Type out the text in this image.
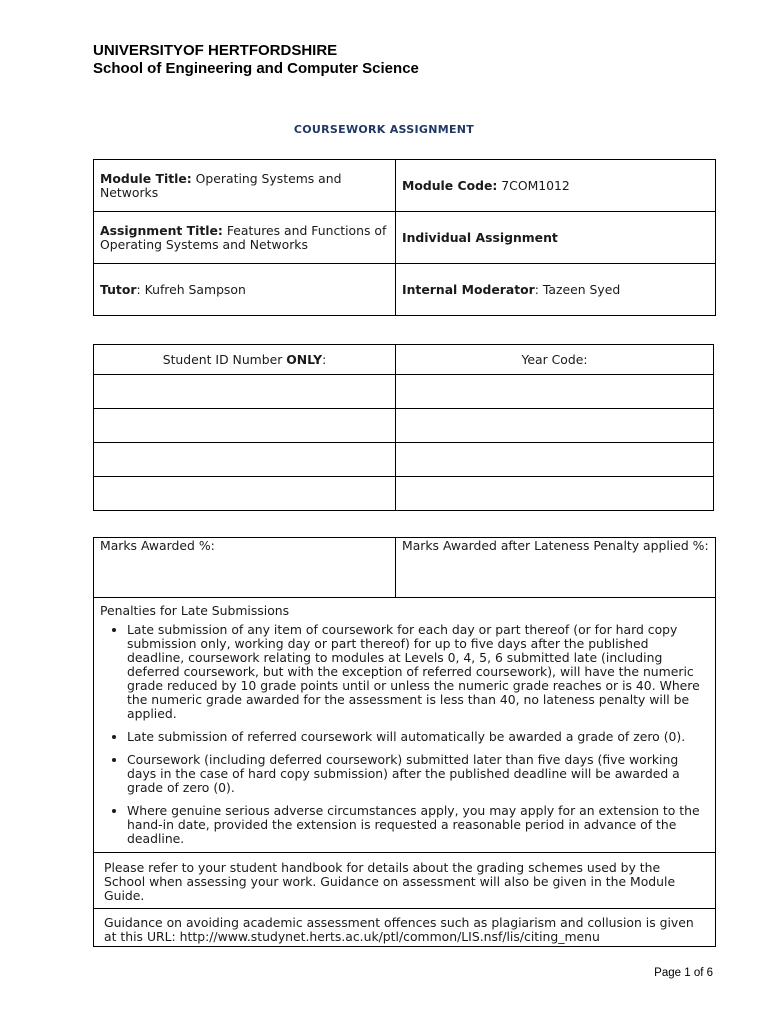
UNIVERSITYOF HERTFORDSHIRE
School of Engineering and Computer Science
COURSEWORK ASSIGNMENT
Module Title: Operating Systems and Networks	Module Code: 7COM1012
Assignment Title: Features and Functions of Operating Systems and Networks	Individual Assignment
Tutor: Kufreh Sampson	Internal Moderator: Tazeen Syed
Student ID Number ONLY:	Year Code:

Marks Awarded %:	Marks Awarded after Lateness Penalty applied %:

Penalties for Late Submissions
• Late submission of any item of coursework for each day or part thereof (or for hard copy submission only, working day or part thereof) for up to five days after the published deadline, coursework relating to modules at Levels 0, 4, 5, 6 submitted late (including deferred coursework, but with the exception of referred coursework), will have the numeric grade reduced by 10 grade points until or unless the numeric grade reaches or is 40. Where the numeric grade awarded for the assessment is less than 40, no lateness penalty will be applied.
• Late submission of referred coursework will automatically be awarded a grade of zero (0).
• Coursework (including deferred coursework) submitted later than five days (five working days in the case of hard copy submission) after the published deadline will be awarded a grade of zero (0).
• Where genuine serious adverse circumstances apply, you may apply for an extension to the hand-in date, provided the extension is requested a reasonable period in advance of the deadline.

Please refer to your student handbook for details about the grading schemes used by the School when assessing your work. Guidance on assessment will also be given in the Module Guide.
Guidance on avoiding academic assessment offences such as plagiarism and collusion is given at this URL: http://www.studynet.herts.ac.uk/ptl/common/LIS.nsf/lis/citing_menu
Page 1 of 6
